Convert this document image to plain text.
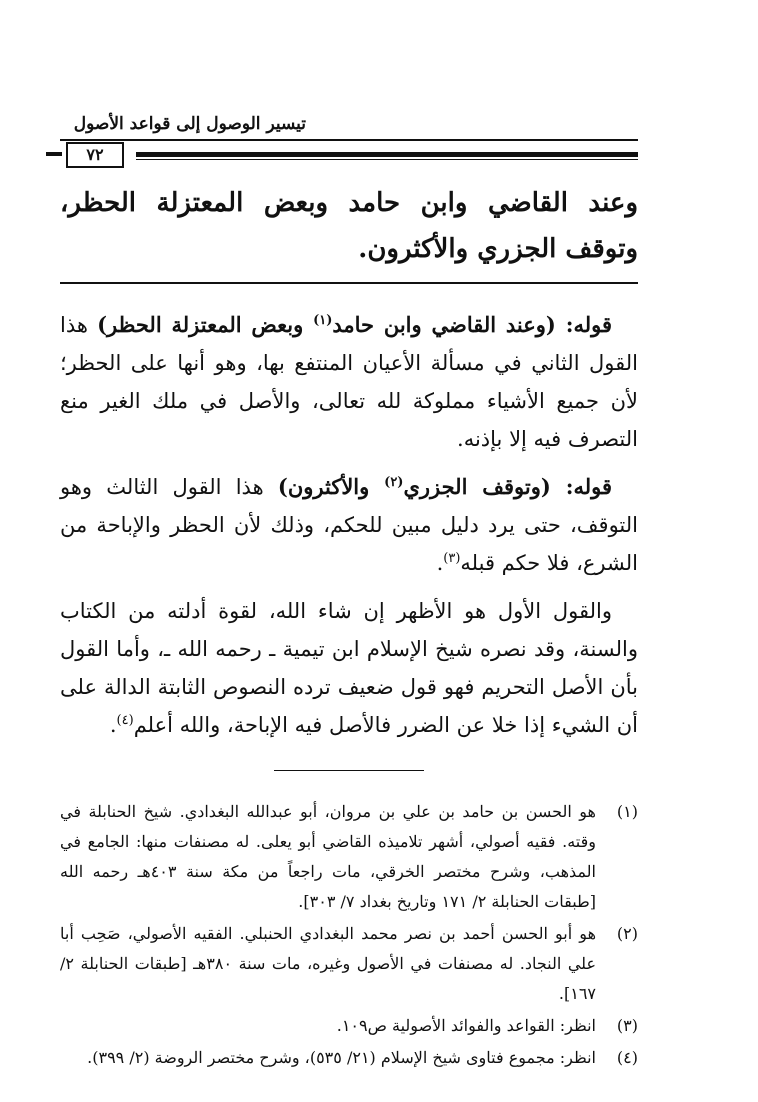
تيسير الوصول إلى قواعد الأصول
٧٢
وعند القاضي وابن حامد وبعض المعتزلة الحظر، وتوقف الجزري والأكثرون.

قوله: (وعند القاضي وابن حامد$^{(١)}$ وبعض المعتزلة الحظر) هذا القول الثاني في مسألة الأعيان المنتفع بها، وهو أنها على الحظر؛ لأن جميع الأشياء مملوكة لله تعالى، والأصل في ملك الغير منع التصرف فيه إلا بإذنه.

قوله: (وتوقف الجزري$^{(٢)}$ والأكثرون) هذا القول الثالث وهو التوقف، حتى يرد دليل مبين للحكم، وذلك لأن الحظر والإباحة من الشرع، فلا حكم قبله$^{(٣)}$.

والقول الأول هو الأظهر إن شاء الله، لقوة أدلته من الكتاب والسنة، وقد نصره شيخ الإسلام ابن تيمية ـ رحمه الله ـ، وأما القول بأن الأصل التحريم فهو قول ضعيف ترده النصوص الثابتة الدالة على أن الشيء إذا خلا عن الضرر فالأصل فيه الإباحة، والله أعلم$^{(٤)}$.

(١)
هو الحسن بن حامد بن علي بن مروان، أبو عبدالله البغدادي. شيخ الحنابلة في وقته. فقيه أصولي، أشهر تلاميذه القاضي أبو يعلى. له مصنفات منها: الجامع في المذهب، وشرح مختصر الخرقي، مات راجعاً من مكة سنة ٤٠٣هـ رحمه الله [طبقات الحنابلة ٢/ ١٧١ وتاريخ بغداد ٧/ ٣٠٣].
(٢)
هو أبو الحسن أحمد بن نصر محمد البغدادي الحنبلي. الفقيه الأصولي، صَحِب أبا علي النجاد. له مصنفات في الأصول وغيره، مات سنة ٣٨٠هـ [طبقات الحنابلة ٢/ ١٦٧].
(٣)
انظر: القواعد والفوائد الأصولية ص١٠٩.
(٤)
انظر: مجموع فتاوى شيخ الإسلام (٢١/ ٥٣٥)، وشرح مختصر الروضة (٢/ ٣٩٩).
